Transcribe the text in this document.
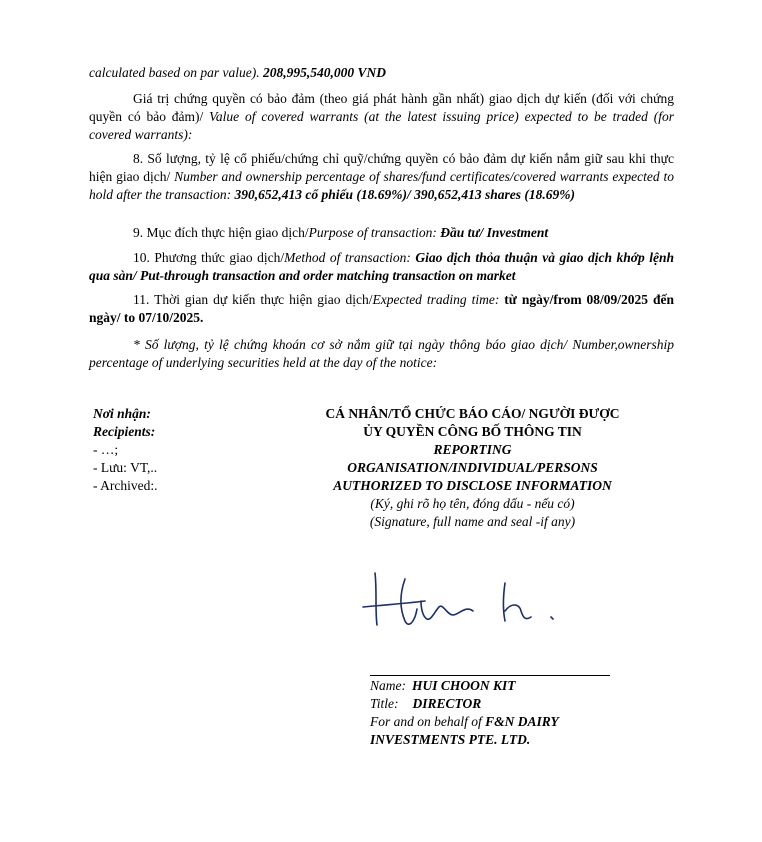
calculated based on par value). 208,995,540,000 VND
Giá trị chứng quyền có bảo đảm (theo giá phát hành gần nhất) giao dịch dự kiến (đối với chứng quyền có bảo đảm)/ Value of covered warrants (at the latest issuing price) expected to be traded (for covered warrants):
8. Số lượng, tỷ lệ cổ phiếu/chứng chỉ quỹ/chứng quyền có bảo đảm dự kiến nắm giữ sau khi thực hiện giao dịch/ Number and ownership percentage of shares/fund certificates/covered warrants expected to hold after the transaction: 390,652,413 cổ phiếu (18.69%)/ 390,652,413 shares (18.69%)
9. Mục đích thực hiện giao dịch/Purpose of transaction: Đầu tư/ Investment
10. Phương thức giao dịch/Method of transaction: Giao dịch thỏa thuận và giao dịch khớp lệnh qua sàn/ Put-through transaction and order matching transaction on market
11. Thời gian dự kiến thực hiện giao dịch/Expected trading time: từ ngày/from 08/09/2025 đến ngày/ to 07/10/2025.
* Số lượng, tỷ lệ chứng khoán cơ sở nắm giữ tại ngày thông báo giao dịch/ Number,ownership percentage of underlying securities held at the day of the notice:
Nơi nhận:
Recipients:
- …;
- Lưu: VT,..
- Archived:.
CÁ NHÂN/TỔ CHỨC BÁO CÁO/ NGƯỜI ĐƯỢC
ỦY QUYỀN CÔNG BỐ THÔNG TIN
REPORTING
ORGANISATION/INDIVIDUAL/PERSONS
AUTHORIZED TO DISCLOSE INFORMATION
(Ký, ghi rõ họ tên, đóng dấu - nếu có)
(Signature, full name and seal -if any)
Name: HUI CHOON KIT
Title: DIRECTOR
For and on behalf of F&N DAIRY
INVESTMENTS PTE. LTD.
